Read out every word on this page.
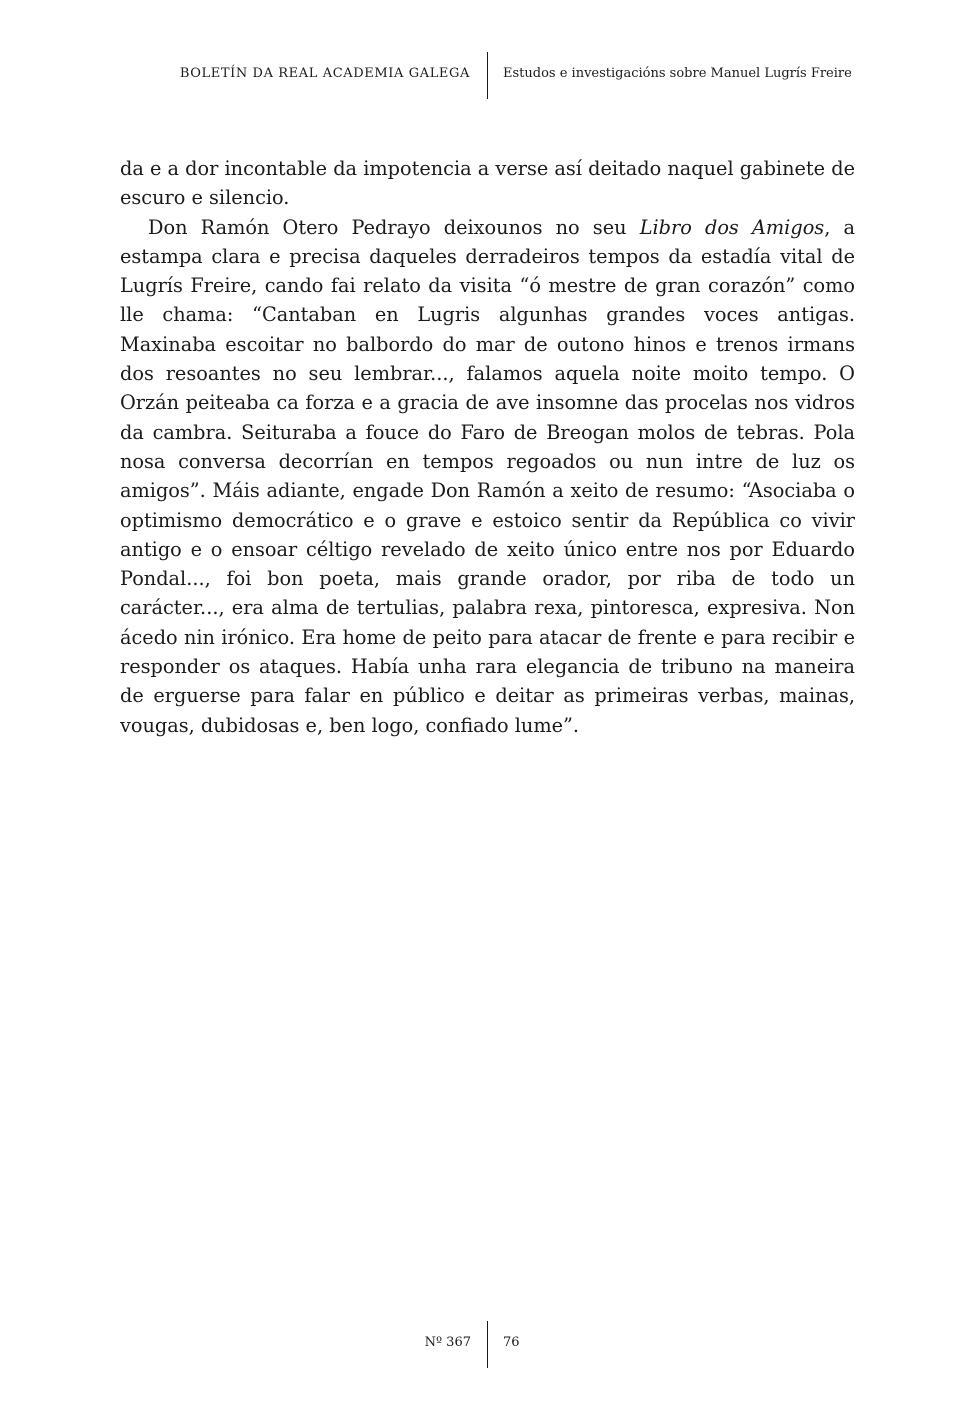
BOLETÍN DA REAL ACADEMIA GALEGA	Estudos e investigacións sobre Manuel Lugrís Freire

da e a dor incontable da impotencia a verse así deitado naquel gabinete de escuro e silencio.

Don Ramón Otero Pedrayo deixounos no seu Libro dos Amigos, a estampa clara e precisa daqueles derradeiros tempos da estadía vital de Lugrís Freire, cando fai relato da visita “ó mestre de gran corazón” como lle chama: “Cantaban en Lugris algunhas grandes voces antigas. Maxinaba escoitar no balbordo do mar de outono hinos e trenos irmans dos resoantes no seu lembrar..., falamos aquela noite moito tempo. O Orzán peiteaba ca forza e a gracia de ave insomne das procelas nos vidros da cambra. Seituraba a fouce do Faro de Breogan molos de tebras. Pola nosa conversa decorrían en tempos regoados ou nun intre de luz os amigos”. Máis adiante, engade Don Ramón a xeito de resumo: “Asociaba o optimismo democrático e o grave e estoico sentir da República co vivir antigo e o ensoar céltigo revelado de xeito único entre nos por Eduardo Pondal..., foi bon poeta, mais grande orador, por riba de todo un carácter..., era alma de tertulias, palabra rexa, pintoresca, expresiva. Non ácedo nin irónico. Era home de peito para atacar de frente e para recibir e responder os ataques. Había unha rara elegancia de tribuno na maneira de erguerse para falar en público e deitar as primeiras verbas, mainas, vougas, dubidosas e, ben logo, confiado lume”.

Nº 367 76
